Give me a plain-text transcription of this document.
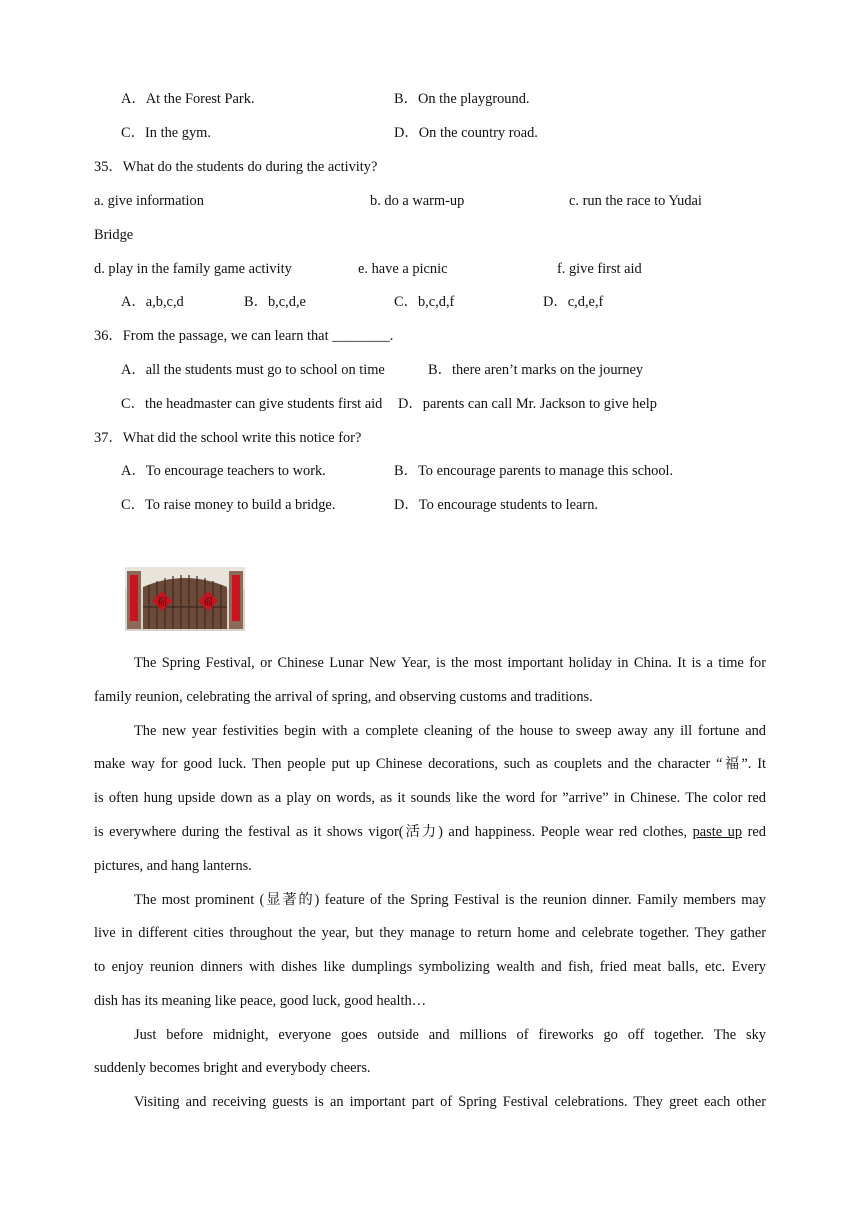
A．At the Forest Park.	B．On the playground.
C．In the gym.	D．On the country road.
35．What do the students do during the activity?
a. give information	b. do a warm-up	c. run the race to Yudai
Bridge
d. play in the family game activity	e. have a picnic	f. give first aid
A．a,b,c,d	B．b,c,d,e	C．b,c,d,f	D．c,d,e,f
36．From the passage, we can learn that ________.
A．all the students must go to school on time	B．there aren’t marks on the journey
C．the headmaster can give students first aid D．parents can call Mr. Jackson to give help
37．What did the school write this notice for?
A．To encourage teachers to work.	B．To encourage parents to manage this school.
C．To raise money to build a bridge.	D．To encourage students to learn.
福	福
The Spring Festival, or Chinese Lunar New Year, is the most important holiday in China. It is a time for
family reunion, celebrating the arrival of spring, and observing customs and traditions.
The new year festivities begin with a complete cleaning of the house to sweep away any ill fortune and
make way for good luck. Then people put up Chinese decorations, such as couplets and the character “福”. It
is often hung upside down as a play on words, as it sounds like the word for ”arrive” in Chinese. The color red
is everywhere during the festival as it shows vigor(活力) and happiness. People wear red clothes, paste up red
pictures, and hang lanterns.
The most prominent (显著的) feature of the Spring Festival is the reunion dinner. Family members may
live in different cities throughout the year, but they manage to return home and celebrate together. They gather
to enjoy reunion dinners with dishes like dumplings symbolizing wealth and fish, fried meat balls, etc. Every
dish has its meaning like peace, good luck, good health…
Just before midnight, everyone goes outside and millions of fireworks go off together. The sky
suddenly becomes bright and everybody cheers.
Visiting and receiving guests is an important part of Spring Festival celebrations. They greet each other
